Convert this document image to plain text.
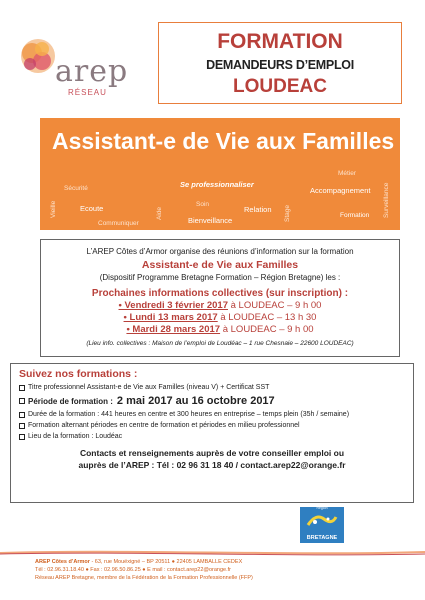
arep
RÉSEAU
FORMATION
DEMANDEURS D’EMPLOI
LOUDEAC
Assistant-e de Vie aux Familles
Se professionnaliser
Sécurité
Métier
Accompagnement Surveillance
Vieille	Ecoute
Communiquer
Aide
Soin
Bienveillance
Relation Stage	Formation
L’AREP Côtes d’Armor organise des réunions d’information sur la formation
Assistant-e de Vie aux Familles
(Dispositif Programme Bretagne Formation – Région Bretagne) les :
Prochaines informations collectives (sur inscription) :
• Vendredi 3 février 2017 à LOUDEAC – 9 h 00
• Lundi 13 mars 2017 à LOUDEAC – 13 h 30
• Mardi 28 mars 2017 à LOUDEAC – 9 h 00
(Lieu info. collectives : Maison de l’emploi de Loudéac – 1 rue Chesnaie – 22600 LOUDEAC)
Suivez nos formations :
Titre professionnel Assistant-e de Vie aux Familles (niveau V) + Certificat SST
Période de formation : 2 mai 2017 au 16 octobre 2017
Durée de la formation : 441 heures en centre et 300 heures en entreprise – temps plein (35h / semaine)
Formation alternant périodes en centre de formation et périodes en milieu professionnel
Lieu de la formation : Loudéac
Contacts et renseignements auprès de votre conseiller emploi ou
auprès de l’AREP : Tél : 02 96 31 18 40 / contact.arep22@orange.fr
Région
BRETAGNE
AREP Côtes d’Armor - 63, rue Mouëxigné – BP 20511 ● 22405 LAMBALLE CEDEX
Tél : 02.96.31.18.40 ● Fax : 02.96.50.86.25 ● E mail : contact.arep22@orange.fr
Réseau AREP Bretagne, membre de la Fédération de la Formation Professionnelle (FFP)
